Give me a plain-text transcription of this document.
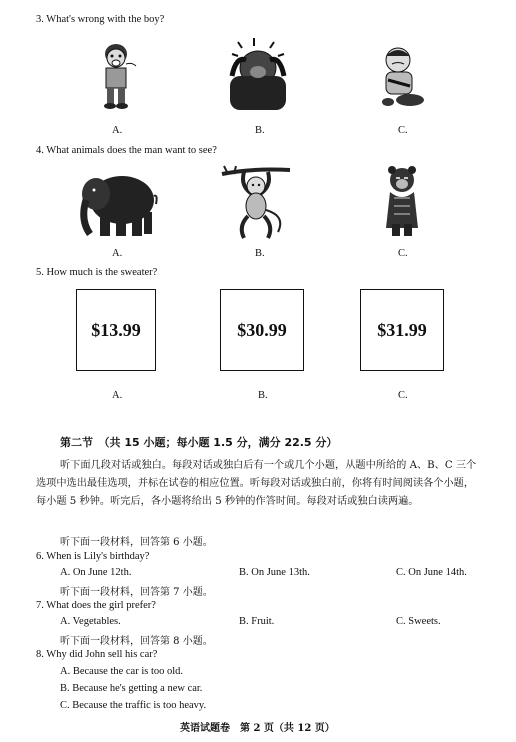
3. What's wrong with the boy?
A.	B.	C.
4. What animals does the man want to see?
A.	B.	C.
5. How much is the sweater?
$13.99	$30.99	$31.99
A.	B.	C.
第二节　（共 15 小题；每小题 1.5 分，满分 22.5 分）
听下面几段对话或独白。每段对话或独白后有一个或几个小题，从题中所给的 A、B、C 三个选项中选出最佳选项，并标在试卷的相应位置。听每段对话或独白前，你将有时间阅读各个小题，每小题 5 秒钟。听完后，各小题将给出 5 秒钟的作答时间。每段对话或独白读两遍。
听下面一段材料，回答第 6 小题。
6. When is Lily's birthday?
A. On June 12th.	B. On June 13th.	C. On June 14th.
听下面一段材料，回答第 7 小题。
7. What does the girl prefer?
A. Vegetables.	B. Fruit.	C. Sweets.
听下面一段材料，回答第 8 小题。
8. Why did John sell his car?
A. Because the car is too old.
B. Because he's getting a new car.
C. Because the traffic is too heavy.
英语试题卷　第 2 页（共 12 页）
